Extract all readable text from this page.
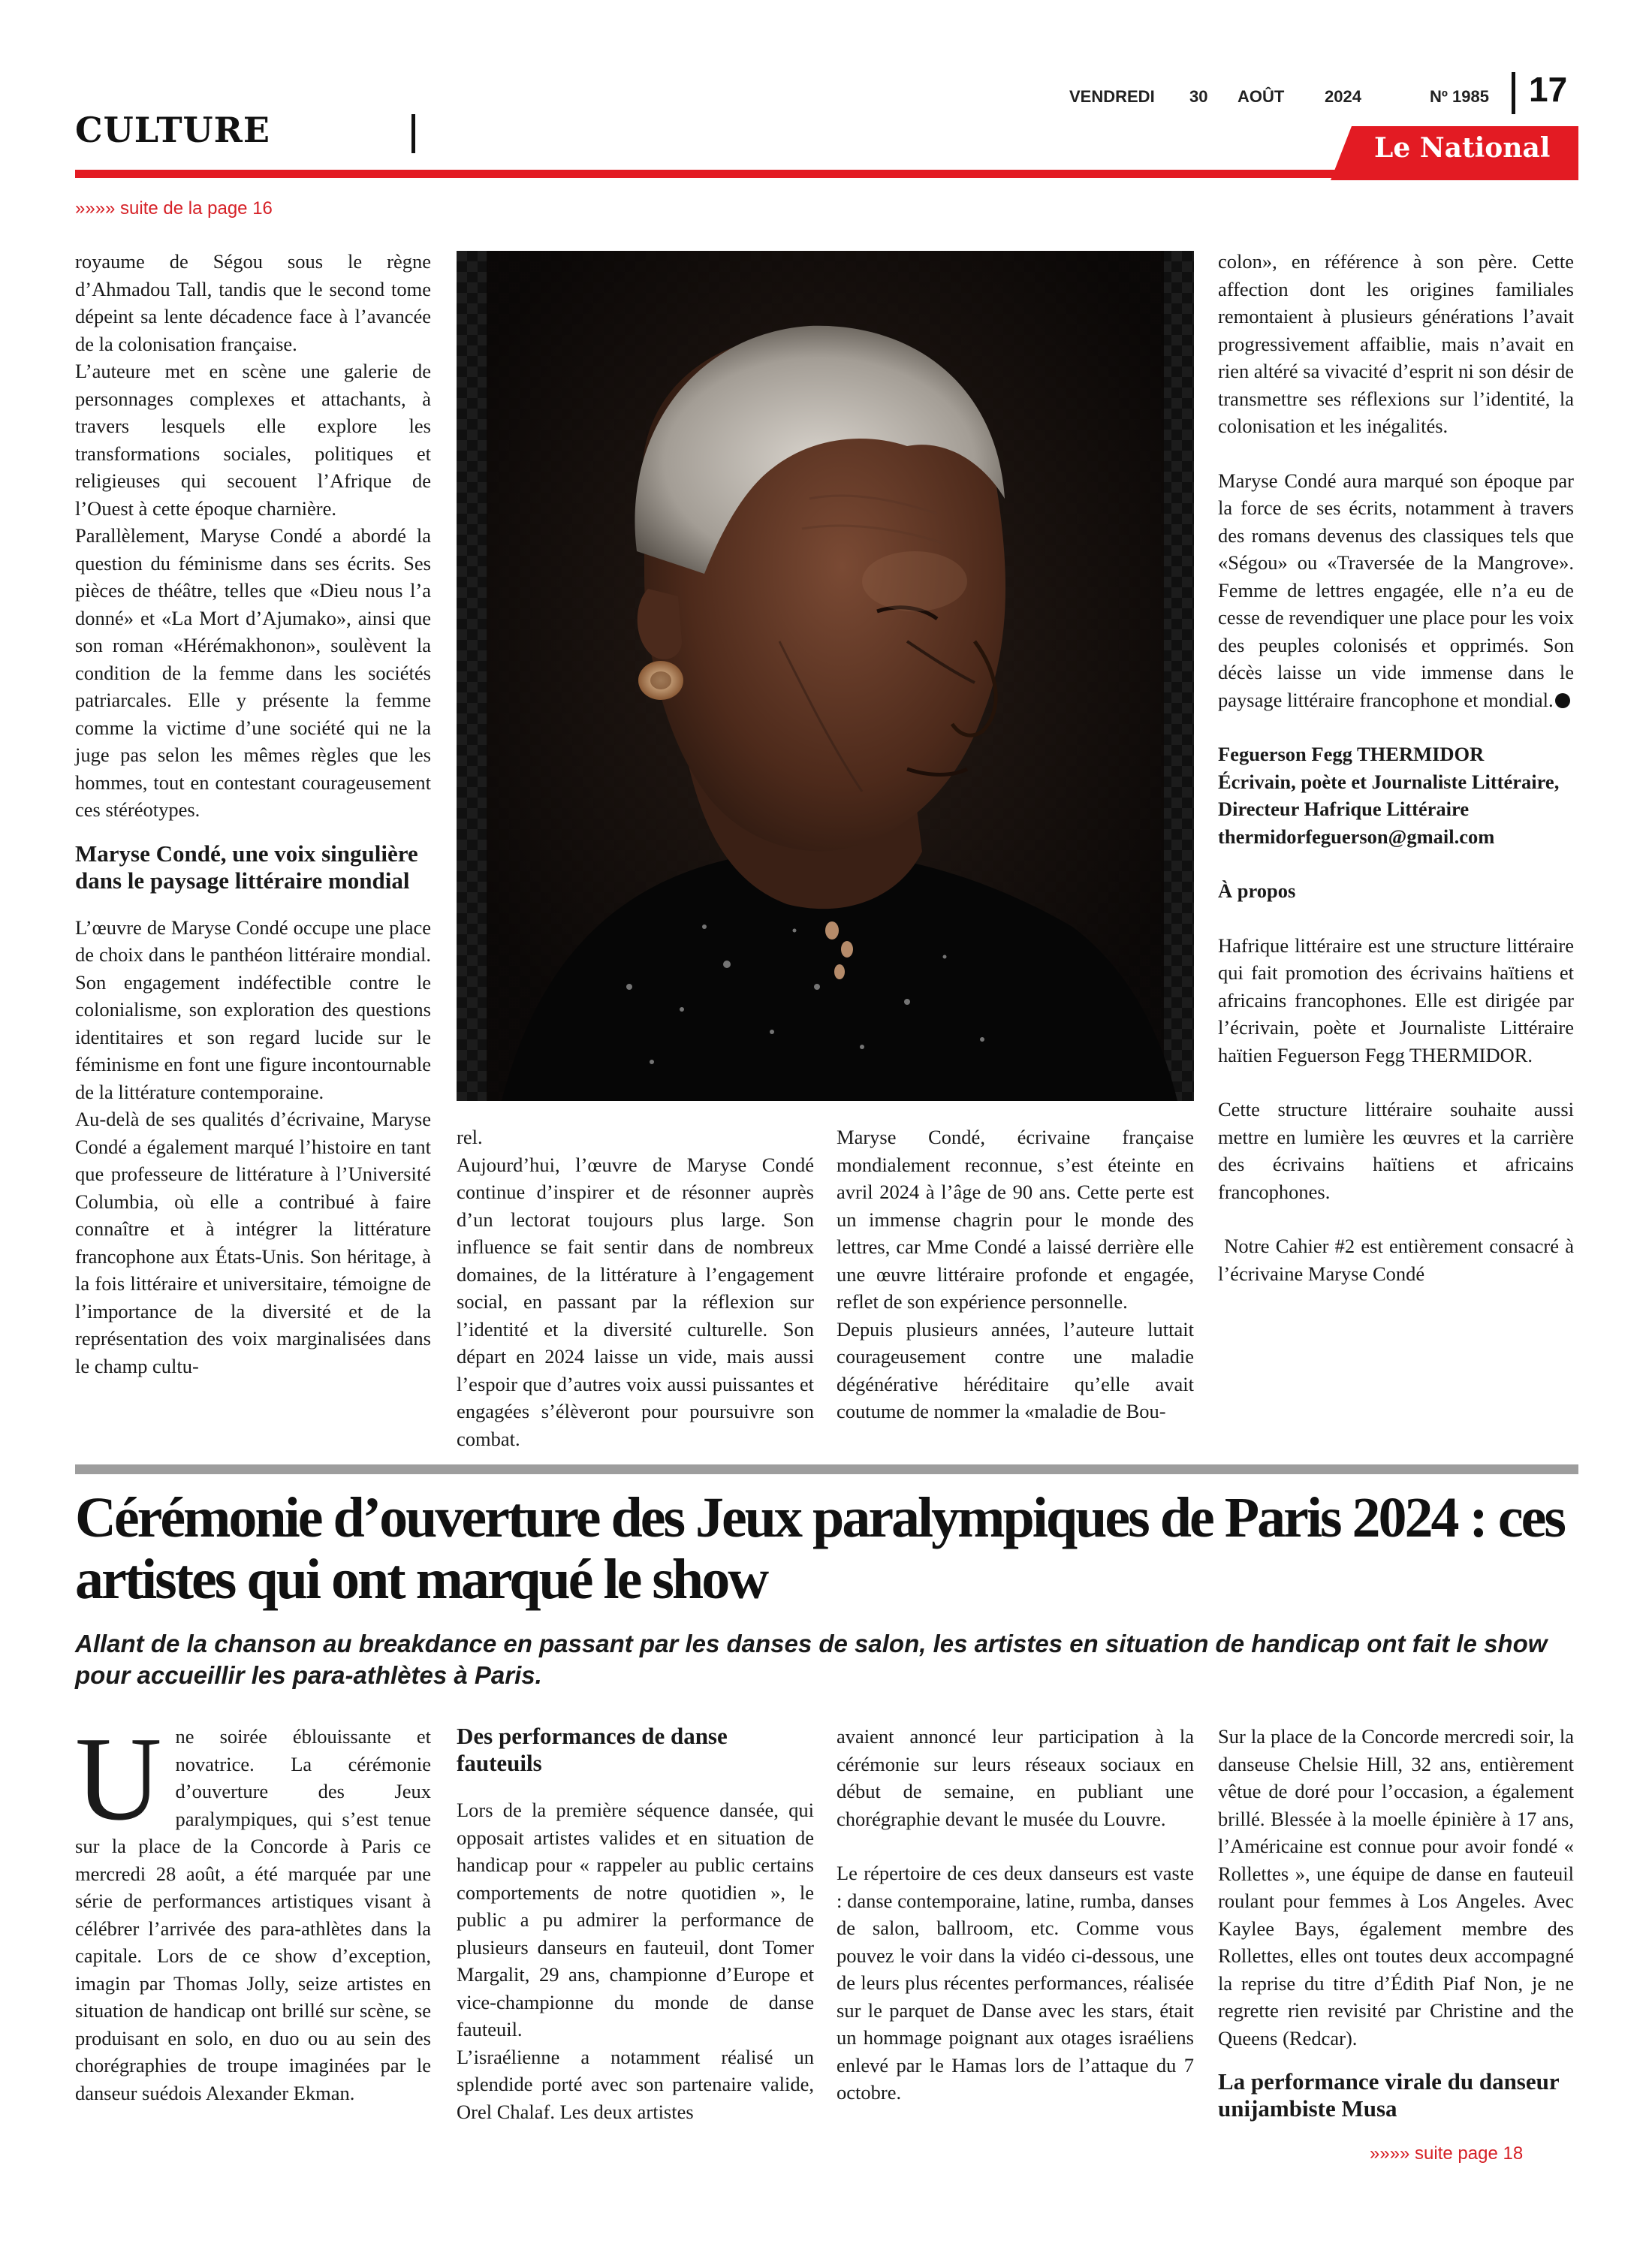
CULTURE
VENDREDI 30 AOÛT 2024	Nº 1985 17
Le National
»»»» suite de la page 16

royaume de Ségou sous le règne d’Ahmadou Tall, tandis que le second tome dépeint sa lente décadence face à l’avancée de la colonisation française.

L’auteure met en scène une galerie de personnages complexes et attachants, à travers lesquels elle explore les transformations sociales, politiques et religieuses qui secouent l’Afrique de l’Ouest à cette époque charnière.

Parallèlement, Maryse Condé a abordé la question du féminisme dans ses écrits. Ses pièces de théâtre, telles que «Dieu nous l’a donné» et «La Mort d’Ajumako», ainsi que son roman «Hérémakhonon», soulèvent la condition de la femme dans les sociétés patriarcales. Elle y présente la femme comme la victime d’une société qui ne la juge pas selon les mêmes règles que les hommes, tout en contestant courageusement ces stéréotypes.

Maryse Condé, une voix singulière dans le paysage littéraire mondial

L’œuvre de Maryse Condé occupe une place de choix dans le panthéon littéraire mondial. Son engagement indéfectible contre le colonialisme, son exploration des questions identitaires et son regard lucide sur le féminisme en font une figure incontournable de la littérature contemporaine.

Au-delà de ses qualités d’écrivaine, Maryse Condé a également marqué l’histoire en tant que professeure de littérature à l’Université Columbia, où elle a contribué à faire connaître et à intégrer la littérature francophone aux États-Unis. Son héritage, à la fois littéraire et universitaire, témoigne de l’importance de la diversité et de la représentation des voix marginalisées dans le champ cultu-

rel.

Aujourd’hui, l’œuvre de Maryse Condé continue d’inspirer et de résonner auprès d’un lectorat toujours plus large. Son influence se fait sentir dans de nombreux domaines, de la littérature à l’engagement social, en passant par la réflexion sur l’identité et la diversité culturelle. Son départ en 2024 laisse un vide, mais aussi l’espoir que d’autres voix aussi puissantes et engagées s’élèveront pour poursuivre son combat.

Maryse Condé, écrivaine française mondialement reconnue, s’est éteinte en avril 2024 à l’âge de 90 ans. Cette perte est un immense chagrin pour le monde des lettres, car Mme Condé a laissé derrière elle une œuvre littéraire profonde et engagée, reflet de son expérience personnelle.

Depuis plusieurs années, l’auteure luttait courageusement contre une maladie dégénérative héréditaire qu’elle avait coutume de nommer la «maladie de Bou-

colon», en référence à son père. Cette affection dont les origines familiales remontaient à plusieurs générations l’avait progressivement affaiblie, mais n’avait en rien altéré sa vivacité d’esprit ni son désir de transmettre ses réflexions sur l’identité, la colonisation et les inégalités.

Maryse Condé aura marqué son époque par la force de ses écrits, notamment à travers des romans devenus des classiques tels que «Ségou» ou «Traversée de la Mangrove». Femme de lettres engagée, elle n’a eu de cesse de revendiquer une place pour les voix des peuples colonisés et opprimés. Son décès laisse un vide immense dans le paysage littéraire francophone et mondial.

Feguerson Fegg THERMIDOR

Écrivain, poète et Journaliste Littéraire,

Directeur Hafrique Littéraire

thermidorfeguerson@gmail.com

À propos

Hafrique littéraire est une structure littéraire qui fait promotion des écrivains haïtiens et africains francophones. Elle est dirigée par l’écrivain, poète et Journaliste Littéraire haïtien Feguerson Fegg THERMIDOR.

Cette structure littéraire souhaite aussi mettre en lumière les œuvres et la carrière des écrivains haïtiens et africains francophones.

Notre Cahier #2 est entièrement consacré à l’écrivaine Maryse Condé

Cérémonie d’ouverture des Jeux paralympiques de Paris 2024 : ces artistes qui ont marqué le show
Allant de la chanson au breakdance en passant par les danses de salon, les artistes en situation de handicap ont fait le show pour accueillir les para-athlètes à Paris.
U ne soirée éblouissante et novatrice. La cérémonie d’ouverture des Jeux paralympiques, qui s’est tenue sur la place de la Concorde à Paris ce mercredi 28 août, a été marquée par une série de performances artistiques visant à célébrer l’arrivée des para-athlètes dans la capitale. Lors de ce show d’exception, imagin par Thomas Jolly, seize artistes en situation de handicap ont brillé sur scène, se produisant en solo, en duo ou au sein des chorégraphies de troupe imaginées par le danseur suédois Alexander Ekman.

Des performances de danse fauteuils

Lors de la première séquence dansée, qui opposait artistes valides et en situation de handicap pour « rappeler au public certains comportements de notre quotidien », le public a pu admirer la performance de plusieurs danseurs en fauteuil, dont Tomer Margalit, 29 ans, championne d’Europe et vice-championne du monde de danse fauteuil.

L’israélienne a notamment réalisé un splendide porté avec son partenaire valide, Orel Chalaf. Les deux artistes

avaient annoncé leur participation à la cérémonie sur leurs réseaux sociaux en début de semaine, en publiant une chorégraphie devant le musée du Louvre.

Le répertoire de ces deux danseurs est vaste : danse contemporaine, latine, rumba, danses de salon, ballroom, etc. Comme vous pouvez le voir dans la vidéo ci-dessous, une de leurs plus récentes performances, réalisée sur le parquet de Danse avec les stars, était un hommage poignant aux otages israéliens enlevé par le Hamas lors de l’attaque du 7 octobre.

Sur la place de la Concorde mercredi soir, la danseuse Chelsie Hill, 32 ans, entièrement vêtue de doré pour l’occasion, a également brillé. Blessée à la moelle épinière à 17 ans, l’Américaine est connue pour avoir fondé « Rollettes », une équipe de danse en fauteuil roulant pour femmes à Los Angeles. Avec Kaylee Bays, également membre des Rollettes, elles ont toutes deux accompagné la reprise du titre d’Édith Piaf Non, je ne regrette rien revisité par Christine and the Queens (Redcar).

La performance virale du danseur unijambiste Musa
»»»» suite page 18
